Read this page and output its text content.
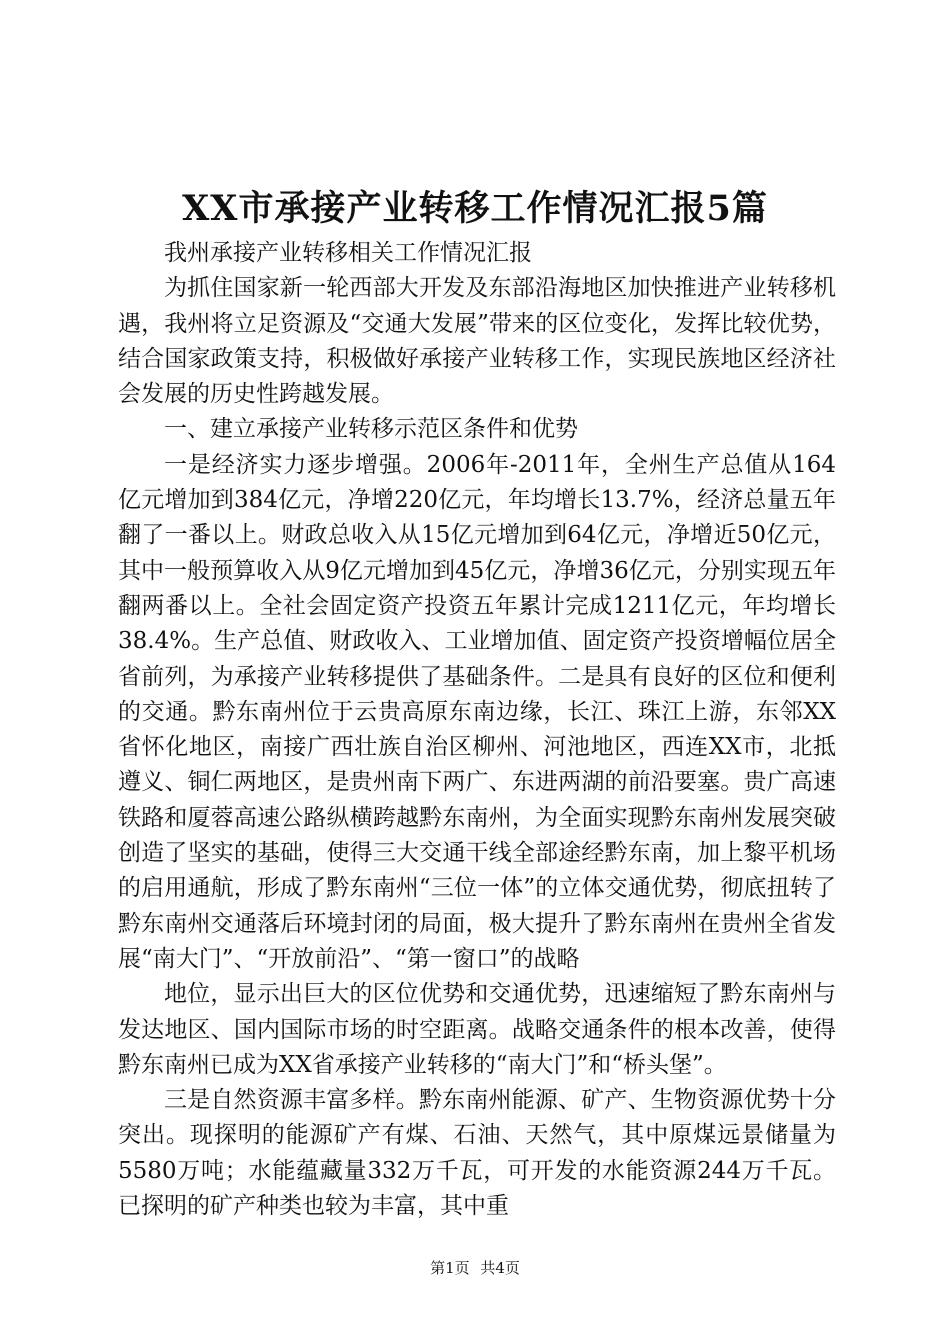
XX市承接产业转移工作情况汇报5篇

我州承接产业转移相关工作情况汇报

为抓住国家新一轮西部大开发及东部沿海地区加快推进产业转移机遇，我州将立足资源及“交通大发展”带来的区位变化，发挥比较优势，结合国家政策支持，积极做好承接产业转移工作，实现民族地区经济社会发展的历史性跨越发展。

一、建立承接产业转移示范区条件和优势

一是经济实力逐步增强。2006年-2011年，全州生产总值从164亿元增加到384亿元，净增220亿元，年均增长13.7%，经济总量五年翻了一番以上。财政总收入从15亿元增加到64亿元，净增近50亿元，其中一般预算收入从9亿元增加到45亿元，净增36亿元，分别实现五年翻两番以上。全社会固定资产投资五年累计完成1211亿元，年均增长38.4%。生产总值、财政收入、工业增加值、固定资产投资增幅位居全省前列，为承接产业转移提供了基础条件。二是具有良好的区位和便利的交通。黔东南州位于云贵高原东南边缘，长江、珠江上游，东邻XX省怀化地区，南接广西壮族自治区柳州、河池地区，西连XX市，北抵遵义、铜仁两地区，是贵州南下两广、东进两湖的前沿要塞。贵广高速铁路和厦蓉高速公路纵横跨越黔东南州，为全面实现黔东南州发展突破创造了坚实的基础，使得三大交通干线全部途经黔东南，加上黎平机场的启用通航，形成了黔东南州“三位一体”的立体交通优势，彻底扭转了黔东南州交通落后环境封闭的局面，极大提升了黔东南州在贵州全省发展“南大门”、“开放前沿”、“第一窗口”的战略

地位，显示出巨大的区位优势和交通优势，迅速缩短了黔东南州与发达地区、国内国际市场的时空距离。战略交通条件的根本改善，使得黔东南州已成为XX省承接产业转移的“南大门”和“桥头堡”。

三是自然资源丰富多样。黔东南州能源、矿产、生物资源优势十分突出。现探明的能源矿产有煤、石油、天然气，其中原煤远景储量为5580万吨；水能蕴藏量332万千瓦，可开发的水能资源244万千瓦。已探明的矿产种类也较为丰富，其中重

第1页 共4页
